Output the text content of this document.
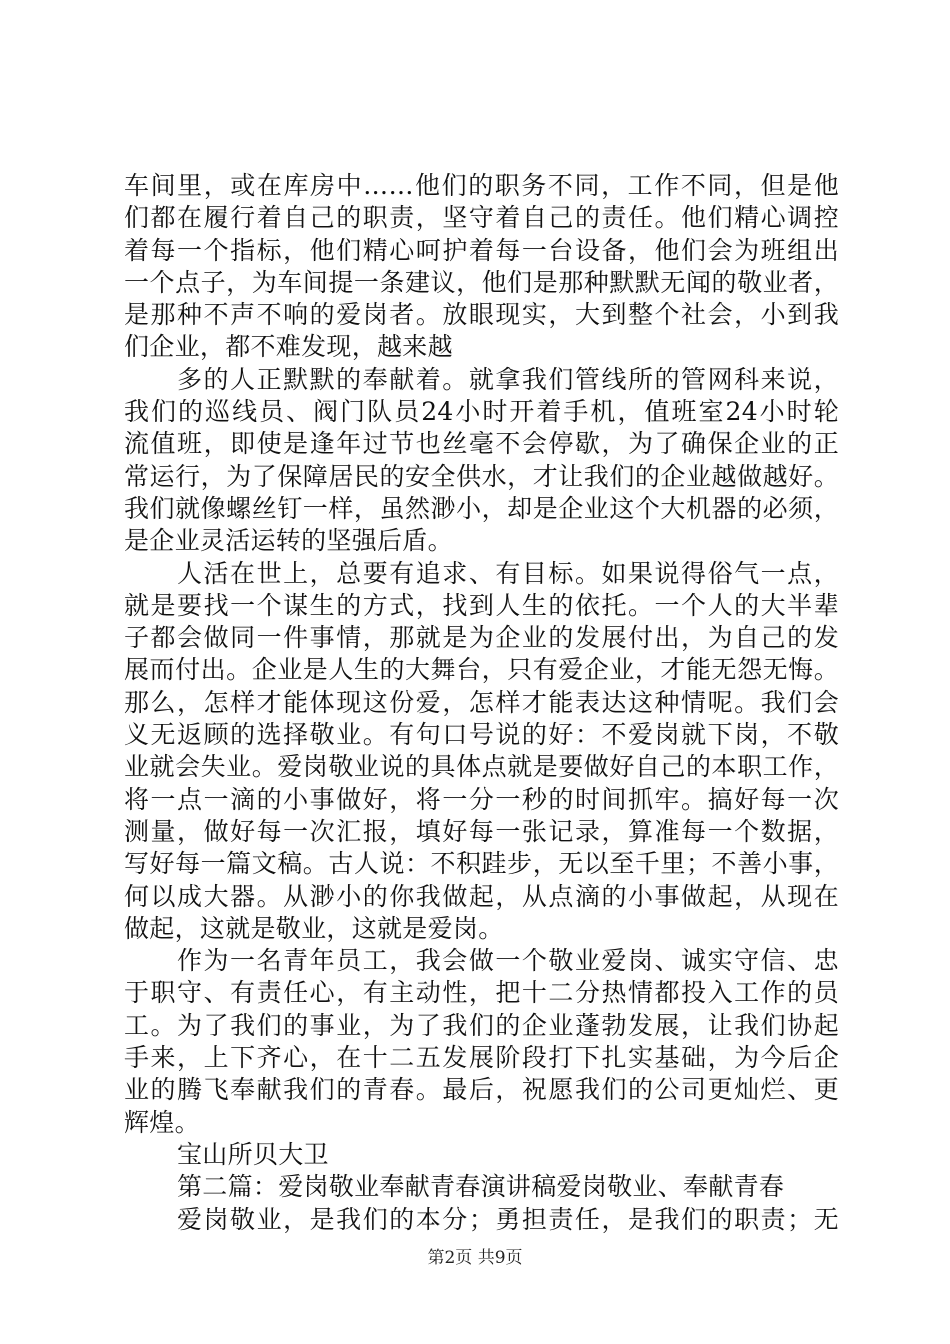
车间里，或在库房中……他们的职务不同，工作不同，但是他
们都在履行着自己的职责，坚守着自己的责任。他们精心调控
着每一个指标，他们精心呵护着每一台设备，他们会为班组出
一个点子，为车间提一条建议，他们是那种默默无闻的敬业者，
是那种不声不响的爱岗者。放眼现实，大到整个社会，小到我
们企业，都不难发现，越来越
多的人正默默的奉献着。就拿我们管线所的管网科来说，
我们的巡线员、阀门队员24小时开着手机，值班室24小时轮
流值班，即使是逢年过节也丝毫不会停歇，为了确保企业的正
常运行，为了保障居民的安全供水，才让我们的企业越做越好。
我们就像螺丝钉一样，虽然渺小，却是企业这个大机器的必须，
是企业灵活运转的坚强后盾。
人活在世上，总要有追求、有目标。如果说得俗气一点，
就是要找一个谋生的方式，找到人生的依托。一个人的大半辈
子都会做同一件事情，那就是为企业的发展付出，为自己的发
展而付出。企业是人生的大舞台，只有爱企业，才能无怨无悔。
那么，怎样才能体现这份爱，怎样才能表达这种情呢。我们会
义无返顾的选择敬业。有句口号说的好：不爱岗就下岗，不敬
业就会失业。爱岗敬业说的具体点就是要做好自己的本职工作，
将一点一滴的小事做好，将一分一秒的时间抓牢。搞好每一次
测量，做好每一次汇报，填好每一张记录，算准每一个数据，
写好每一篇文稿。古人说：不积跬步，无以至千里；不善小事，
何以成大器。从渺小的你我做起，从点滴的小事做起，从现在
做起，这就是敬业，这就是爱岗。
作为一名青年员工，我会做一个敬业爱岗、诚实守信、忠
于职守、有责任心，有主动性，把十二分热情都投入工作的员
工。为了我们的事业，为了我们的企业蓬勃发展，让我们协起
手来，上下齐心，在十二五发展阶段打下扎实基础，为今后企
业的腾飞奉献我们的青春。最后，祝愿我们的公司更灿烂、更
辉煌。
宝山所贝大卫
第二篇：爱岗敬业奉献青春演讲稿爱岗敬业、奉献青春
爱岗敬业，是我们的本分；勇担责任，是我们的职责；无
第2页 共9页
